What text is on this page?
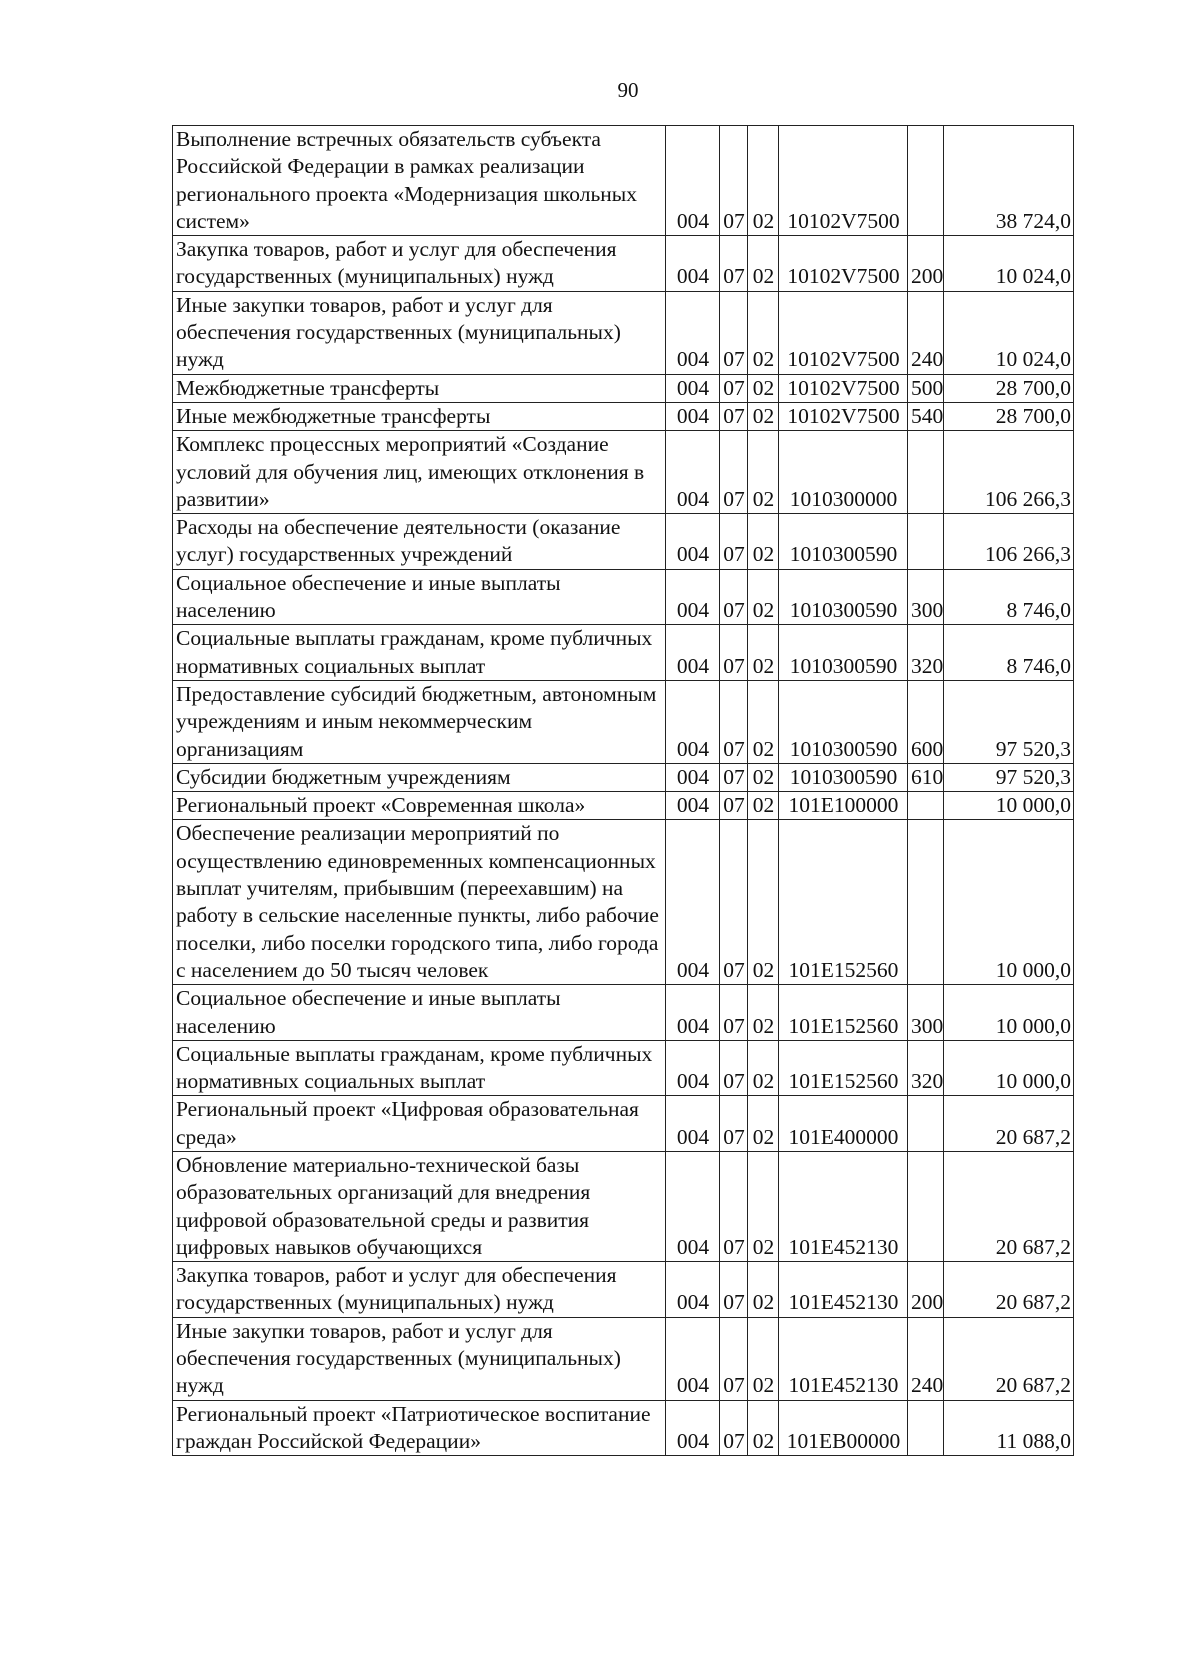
90
Выполнение встречных обязательств субъекта Российской Федерации в рамках реализации регионального проекта «Модернизация школьных систем»	004	07	02	10102V7500		38 724,0
Закупка товаров, работ и услуг для обеспечения государственных (муниципальных) нужд	004	07	02	10102V7500	200	10 024,0
Иные закупки товаров, работ и услуг для обеспечения государственных (муниципальных) нужд	004	07	02	10102V7500	240	10 024,0
Межбюджетные трансферты	004	07	02	10102V7500	500	28 700,0
Иные межбюджетные трансферты	004	07	02	10102V7500	540	28 700,0
Комплекс процессных мероприятий «Создание условий для обучения лиц, имеющих отклонения в развитии»	004	07	02	1010300000		106 266,3
Расходы на обеспечение деятельности (оказание услуг) государственных учреждений	004	07	02	1010300590		106 266,3
Социальное обеспечение и иные выплаты населению	004	07	02	1010300590	300	8 746,0
Социальные выплаты гражданам, кроме публичных нормативных социальных выплат	004	07	02	1010300590	320	8 746,0
Предоставление субсидий бюджетным, автономным учреждениям и иным некоммерческим организациям	004	07	02	1010300590	600	97 520,3
Субсидии бюджетным учреждениям	004	07	02	1010300590	610	97 520,3
Региональный проект «Современная школа»	004	07	02	101E100000		10 000,0
Обеспечение реализации мероприятий по осуществлению единовременных компенсационных выплат учителям, прибывшим (переехавшим) на работу в сельские населенные пункты, либо рабочие поселки, либо поселки городского типа, либо города с населением до 50 тысяч человек	004	07	02	101E152560		10 000,0
Социальное обеспечение и иные выплаты населению	004	07	02	101E152560	300	10 000,0
Социальные выплаты гражданам, кроме публичных нормативных социальных выплат	004	07	02	101E152560	320	10 000,0
Региональный проект «Цифровая образовательная среда»	004	07	02	101E400000		20 687,2
Обновление материально-технической базы образовательных организаций для внедрения цифровой образовательной среды и развития цифровых навыков обучающихся	004	07	02	101E452130		20 687,2
Закупка товаров, работ и услуг для обеспечения государственных (муниципальных) нужд	004	07	02	101E452130	200	20 687,2
Иные закупки товаров, работ и услуг для обеспечения государственных (муниципальных) нужд	004	07	02	101E452130	240	20 687,2
Региональный проект «Патриотическое воспитание граждан Российской Федерации»	004	07	02	101EB00000		11 088,0
